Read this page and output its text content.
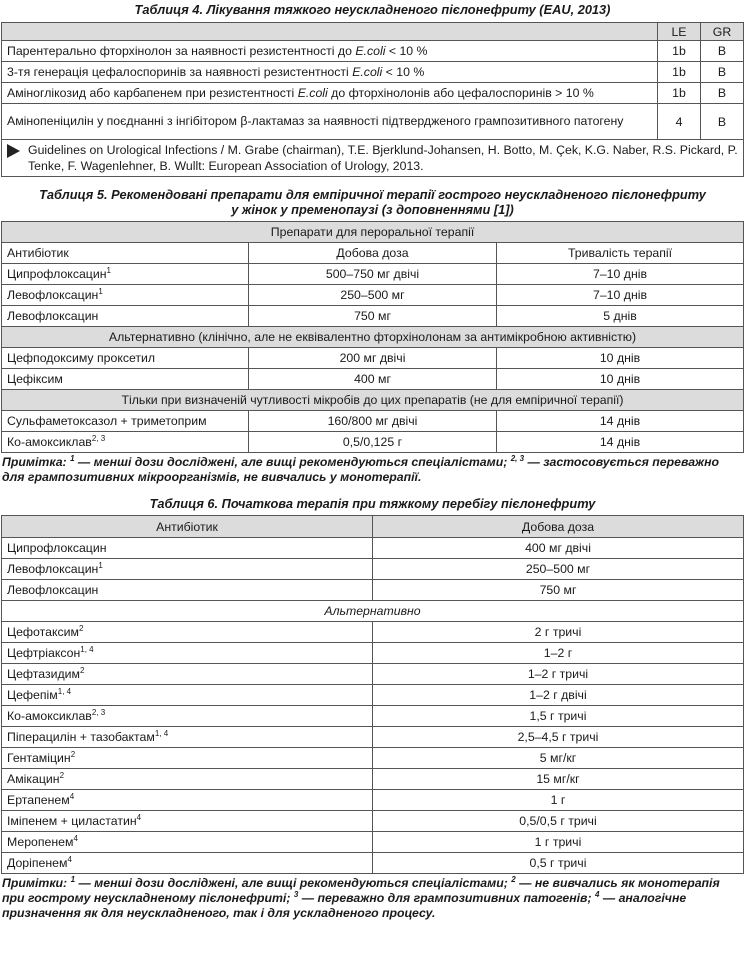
Таблиця 4. Лікування тяжкого неускладненого пієлонефриту (EAU, 2013)
	LE	GR
Парентерально фторхінолон за наявності резистентності до E.coli < 10 %	1b	B
3-тя генерація цефалоспоринів за наявності резистентності E.coli < 10 %	1b	B
Аміноглікозид або карбапенем при резистентності E.coli до фторхінолонів або цефалоспоринів > 10 %	1b	B
Амінопеніцилін у поєднанні з інгібітором β-лактамаз за наявності підтвердженого грампозитивного патогену	4	B

Guidelines on Urological Infections / M. Grabe (chairman), T.E. Bjerklund-Johansen, H. Botto, M. Çek, K.G. Naber, R.S. Pickard, P. Tenke, F. Wagenlehner, B. Wullt: European Association of Urology, 2013.		
Таблиця 5. Рекомендовані препарати для емпіричної терапії гострого неускладненого пієлонефриту
у жінок у пременопаузі (з доповненнями [1])
Препарати для пероральної терапії		
Антибіотик	Добова доза	Тривалість терапії
Ципрофлоксацин$^1$	500–750 мг двічі	7–10 днів
Левофлоксацин$^1$	250–500 мг	7–10 днів
Левофлоксацин	750 мг	5 днів
Альтернативно (клінічно, але не еквівалентно фторхінолонам за антимікробною активністю)		
Цефподоксиму проксетил	200 мг двічі	10 днів
Цефіксим	400 мг	10 днів
Тільки при визначеній чутливості мікробів до цих препаратів (не для емпіричної терапії)		
Сульфаметоксазол + триметоприм	160/800 мг двічі	14 днів
Ко-амоксиклав$^{2, 3}$	0,5/0,125 г	14 днів
Примітка: $^1$ — менші дози досліджені, але вищі рекомендуються спеціалістами; $^{2, 3}$ — застосовується переважно для грампозитивних мікроорганізмів, не вивчались у монотерапії.
Таблиця 6. Початкова терапія при тяжкому перебігу пієлонефриту
Антибіотик	Добова доза
Ципрофлоксацин	400 мг двічі
Левофлоксацин$^1$	250–500 мг
Левофлоксацин	750 мг
Альтернативно	
Цефотаксим$^2$	2 г тричі
Цефтріаксон$^{1, 4}$	1–2 г
Цефтазидим$^2$	1–2 г тричі
Цефепім$^{1, 4}$	1–2 г двічі
Ко-амоксиклав$^{2, 3}$	1,5 г тричі
Піперацилін + тазобактам$^{1, 4}$	2,5–4,5 г тричі
Гентаміцин$^2$	5 мг/кг
Амікацин$^2$	15 мг/кг
Ертапенем$^4$	1 г
Іміпенем + циластатин$^4$	0,5/0,5 г тричі
Меропенем$^4$	1 г тричі
Доріпенем$^4$	0,5 г тричі
Примітки: $^1$ — менші дози досліджені, але вищі рекомендуються спеціалістами; $^2$ — не вивчались як монотерапія при гострому неускладненому пієлонефриті; $^3$ — переважно для грампозитивних патогенів; $^4$ — аналогічне призначення як для неускладненого, так і для ускладненого процесу.
